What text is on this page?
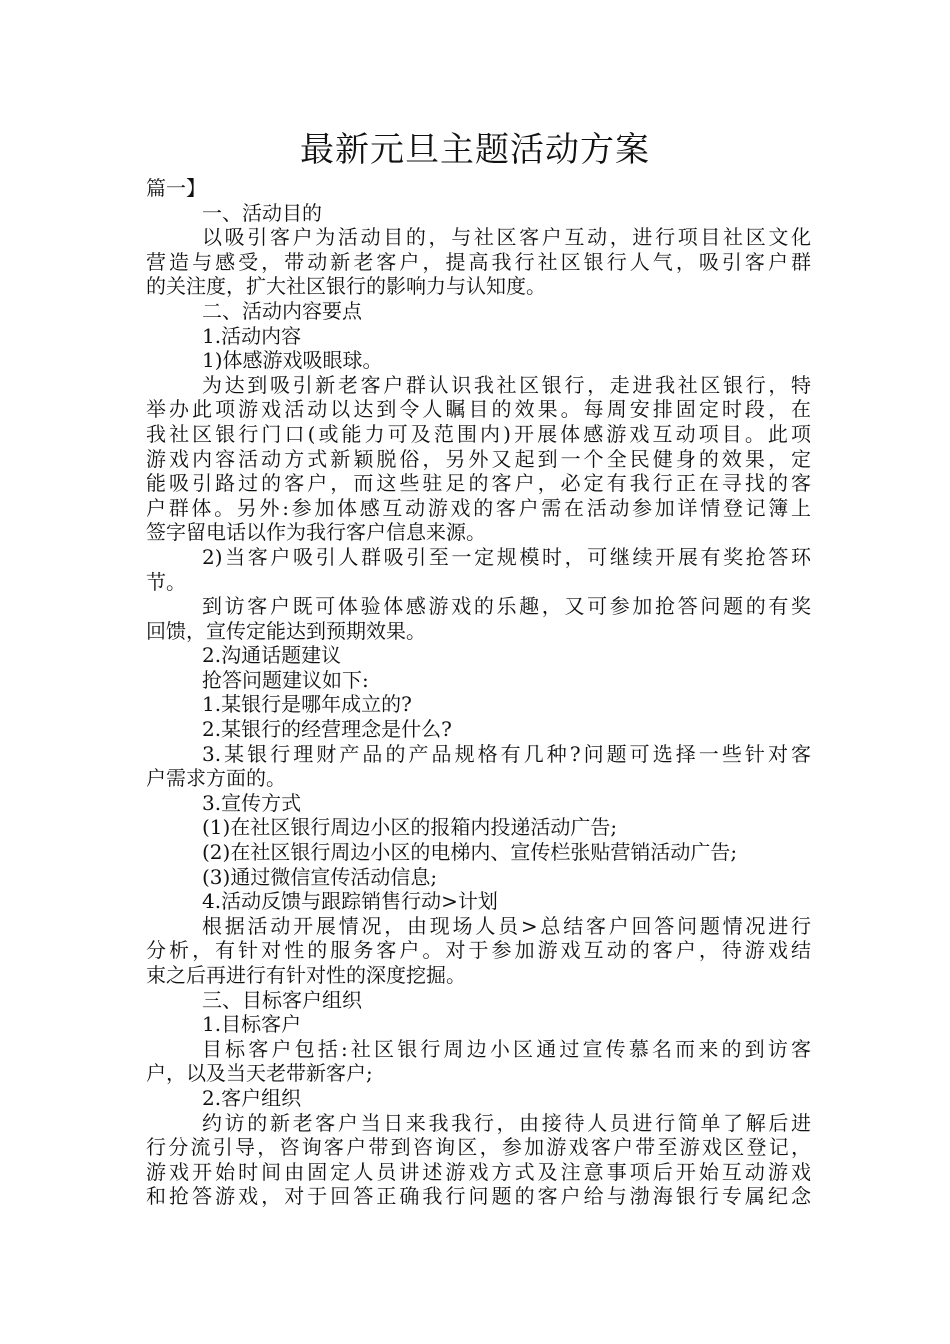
最新元旦主题活动方案
篇一】
一、活动目的
以吸引客户为活动目的，与社区客户互动，进行项目社区文化
营造与感受，带动新老客户，提高我行社区银行人气，吸引客户群
的关注度，扩大社区银行的影响力与认知度。
二、活动内容要点
1.活动内容
1)体感游戏吸眼球。
为达到吸引新老客户群认识我社区银行，走进我社区银行，特
举办此项游戏活动以达到令人瞩目的效果。每周安排固定时段，在
我社区银行门口(或能力可及范围内)开展体感游戏互动项目。此项
游戏内容活动方式新颖脱俗，另外又起到一个全民健身的效果，定
能吸引路过的客户，而这些驻足的客户，必定有我行正在寻找的客
户群体。另外:参加体感互动游戏的客户需在活动参加详情登记簿上
签字留电话以作为我行客户信息来源。
2)当客户吸引人群吸引至一定规模时，可继续开展有奖抢答环
节。
到访客户既可体验体感游戏的乐趣，又可参加抢答问题的有奖
回馈，宣传定能达到预期效果。
2.沟通话题建议
抢答问题建议如下:
1.某银行是哪年成立的?
2.某银行的经营理念是什么?
3.某银行理财产品的产品规格有几种?问题可选择一些针对客
户需求方面的。
3.宣传方式
(1)在社区银行周边小区的报箱内投递活动广告;
(2)在社区银行周边小区的电梯内、宣传栏张贴营销活动广告;
(3)通过微信宣传活动信息;
4.活动反馈与跟踪销售行动>计划
根据活动开展情况，由现场人员>总结客户回答问题情况进行
分析，有针对性的服务客户。对于参加游戏互动的客户，待游戏结
束之后再进行有针对性的深度挖掘。
三、目标客户组织
1.目标客户
目标客户包括:社区银行周边小区通过宣传慕名而来的到访客
户，以及当天老带新客户;
2.客户组织
约访的新老客户当日来我我行，由接待人员进行简单了解后进
行分流引导，咨询客户带到咨询区，参加游戏客户带至游戏区登记，
游戏开始时间由固定人员讲述游戏方式及注意事项后开始互动游戏
和抢答游戏，对于回答正确我行问题的客户给与渤海银行专属纪念
